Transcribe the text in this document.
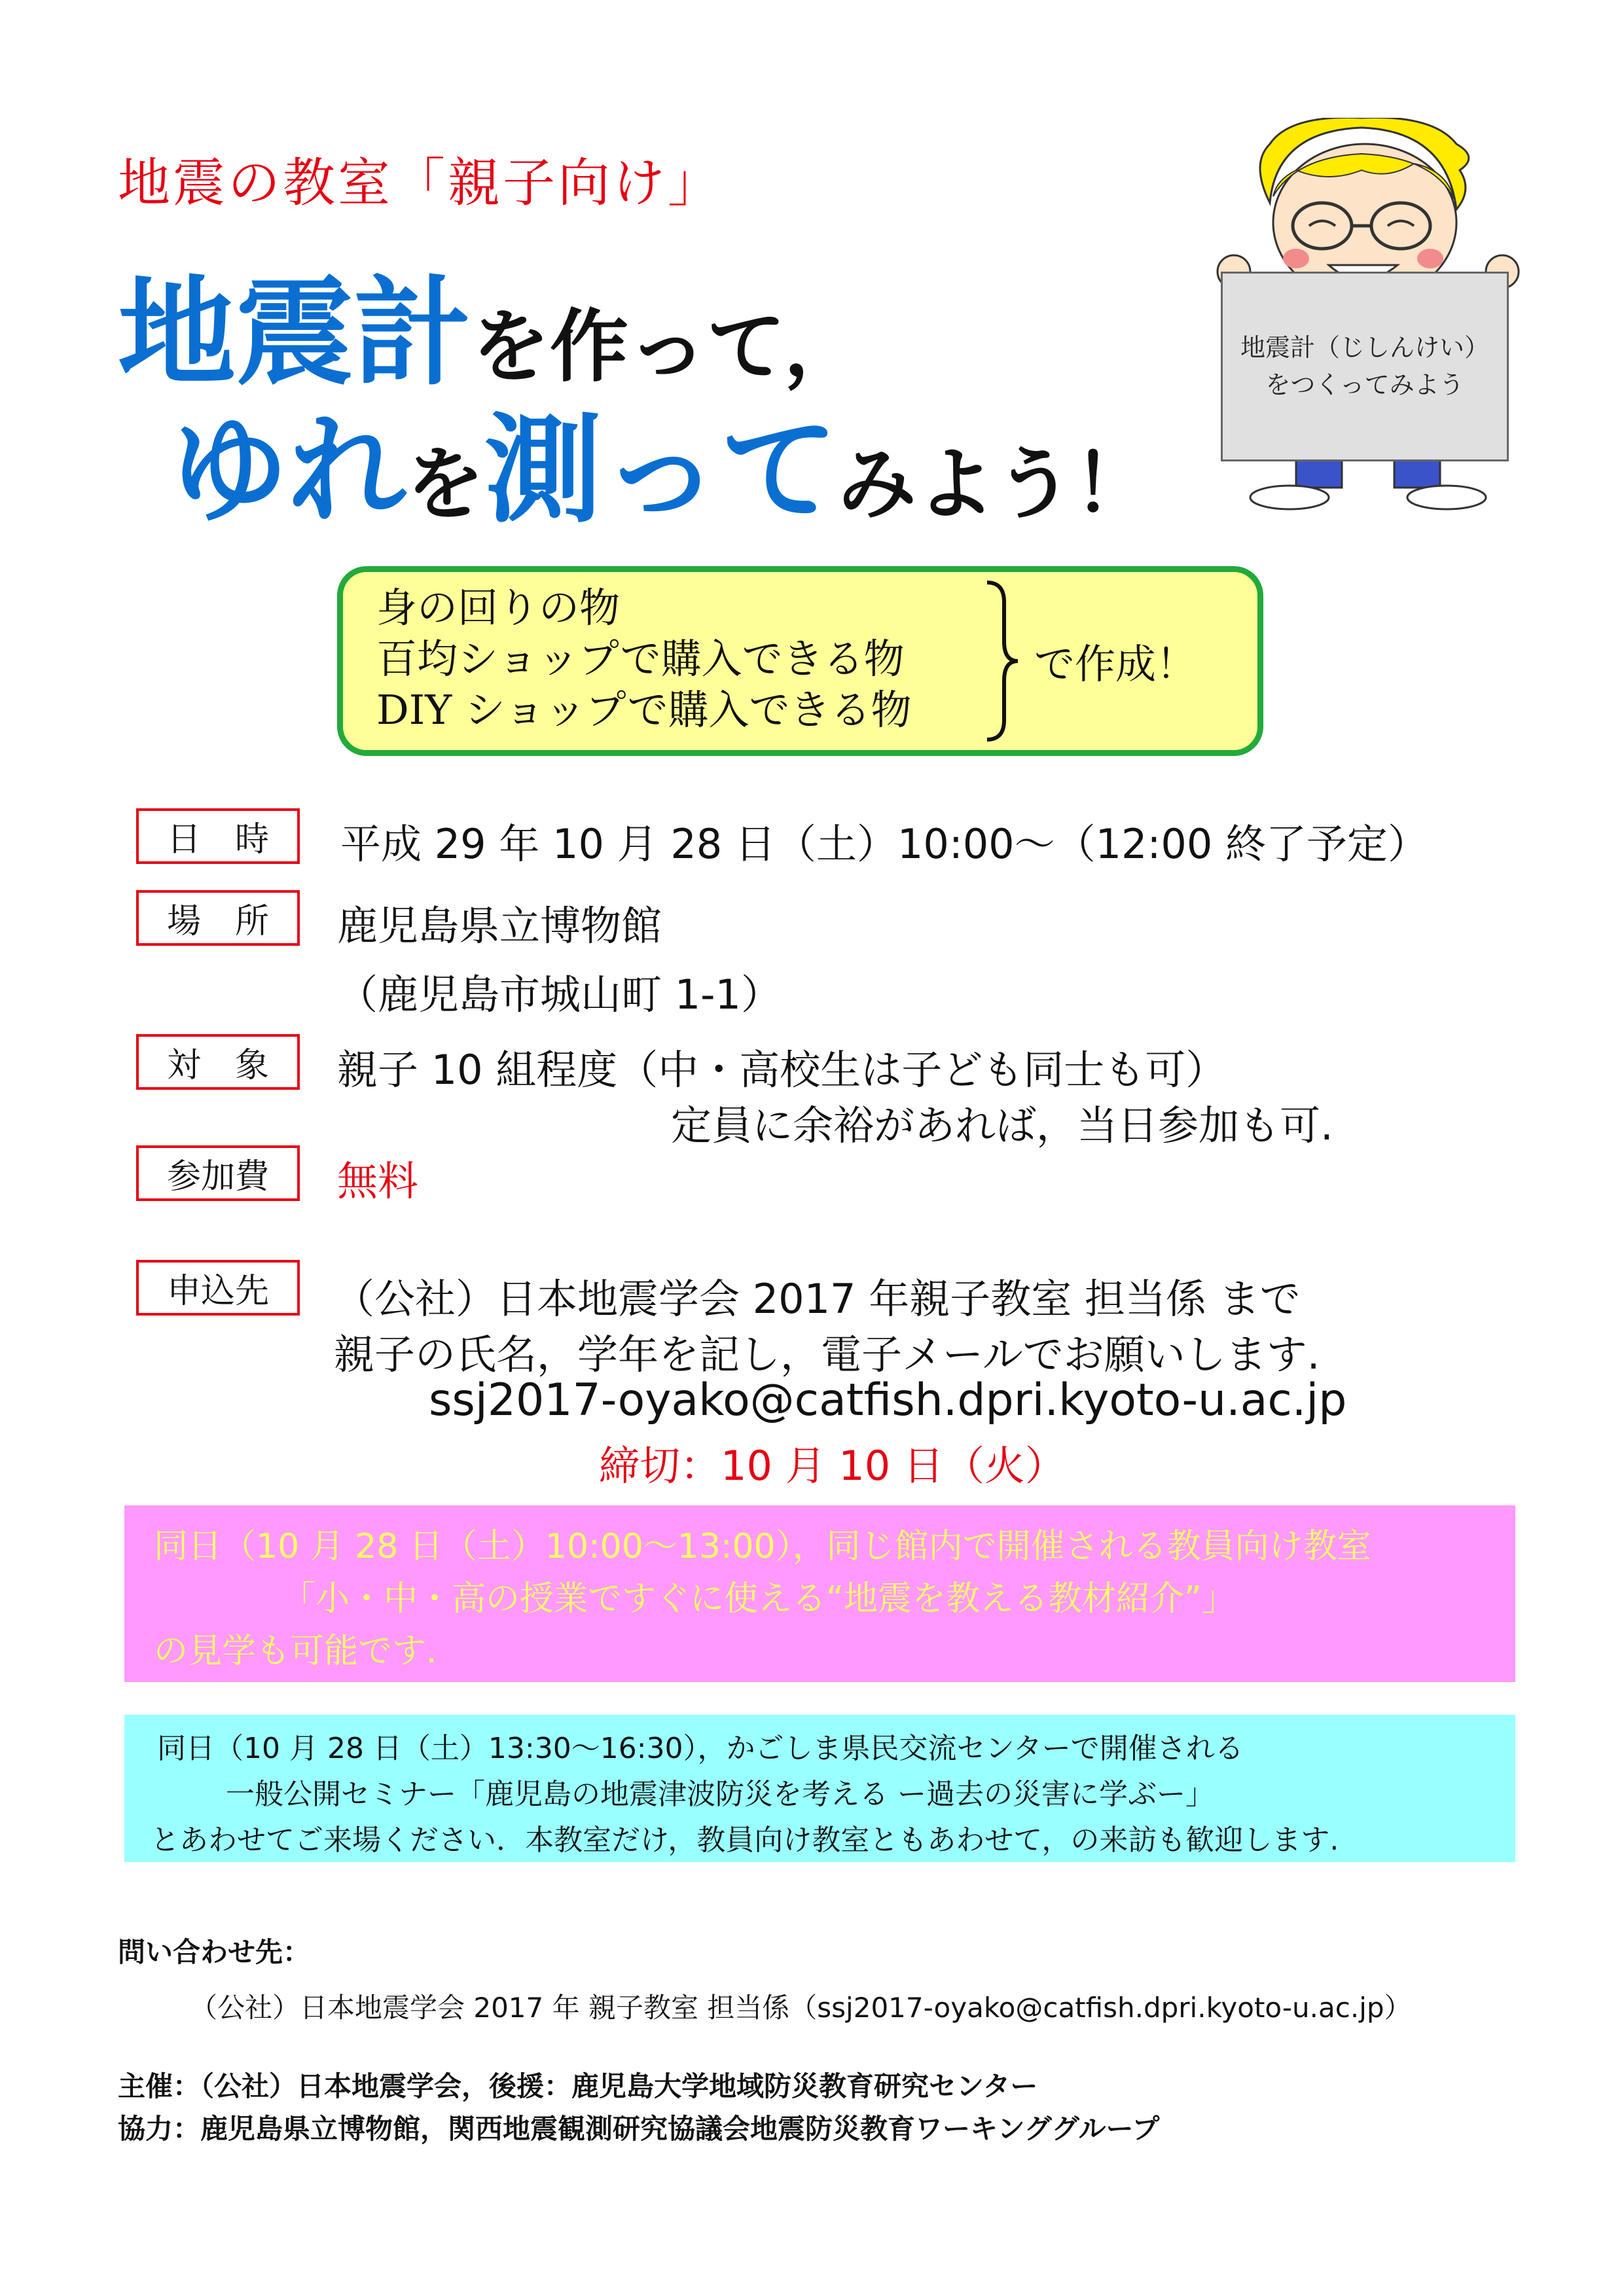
地震の教室「親子向け」
地震計を作って，
ゆれを測ってみよう！
地震計（じしんけい）
をつくってみよう
身の回りの物
百均ショップで購入できる物
DIY ショップで購入できる物
で作成！
日　時	平成 29 年 10 月 28 日（土）10:00～（12:00 終了予定）
場　所	鹿児島県立博物館
（鹿児島市城山町 1-1）
対　象	親子 10 組程度（中・高校生は子ども同士も可）
定員に余裕があれば，当日参加も可.
参加費	無料
申込先	（公社）日本地震学会 2017 年親子教室 担当係 まで
親子の氏名，学年を記し，電子メールでお願いします.
ssj2017-oyako@catfish.dpri.kyoto-u.ac.jp
締切：10 月 10 日（火）
同日（10 月 28 日（土）10:00～13:00），同じ館内で開催される教員向け教室
「小・中・高の授業ですぐに使える“地震を教える教材紹介”」
の見学も可能です.
同日（10 月 28 日（土）13:30～16:30），かごしま県民交流センターで開催される
一般公開セミナー「鹿児島の地震津波防災を考える ー過去の災害に学ぶー」
とあわせてご来場ください．本教室だけ，教員向け教室ともあわせて，の来訪も歓迎します.
問い合わせ先：
（公社）日本地震学会 2017 年 親子教室 担当係（ssj2017-oyako@catfish.dpri.kyoto-u.ac.jp）
主催：（公社）日本地震学会，後援：鹿児島大学地域防災教育研究センター
協力：鹿児島県立博物館，関西地震観測研究協議会地震防災教育ワーキンググループ
